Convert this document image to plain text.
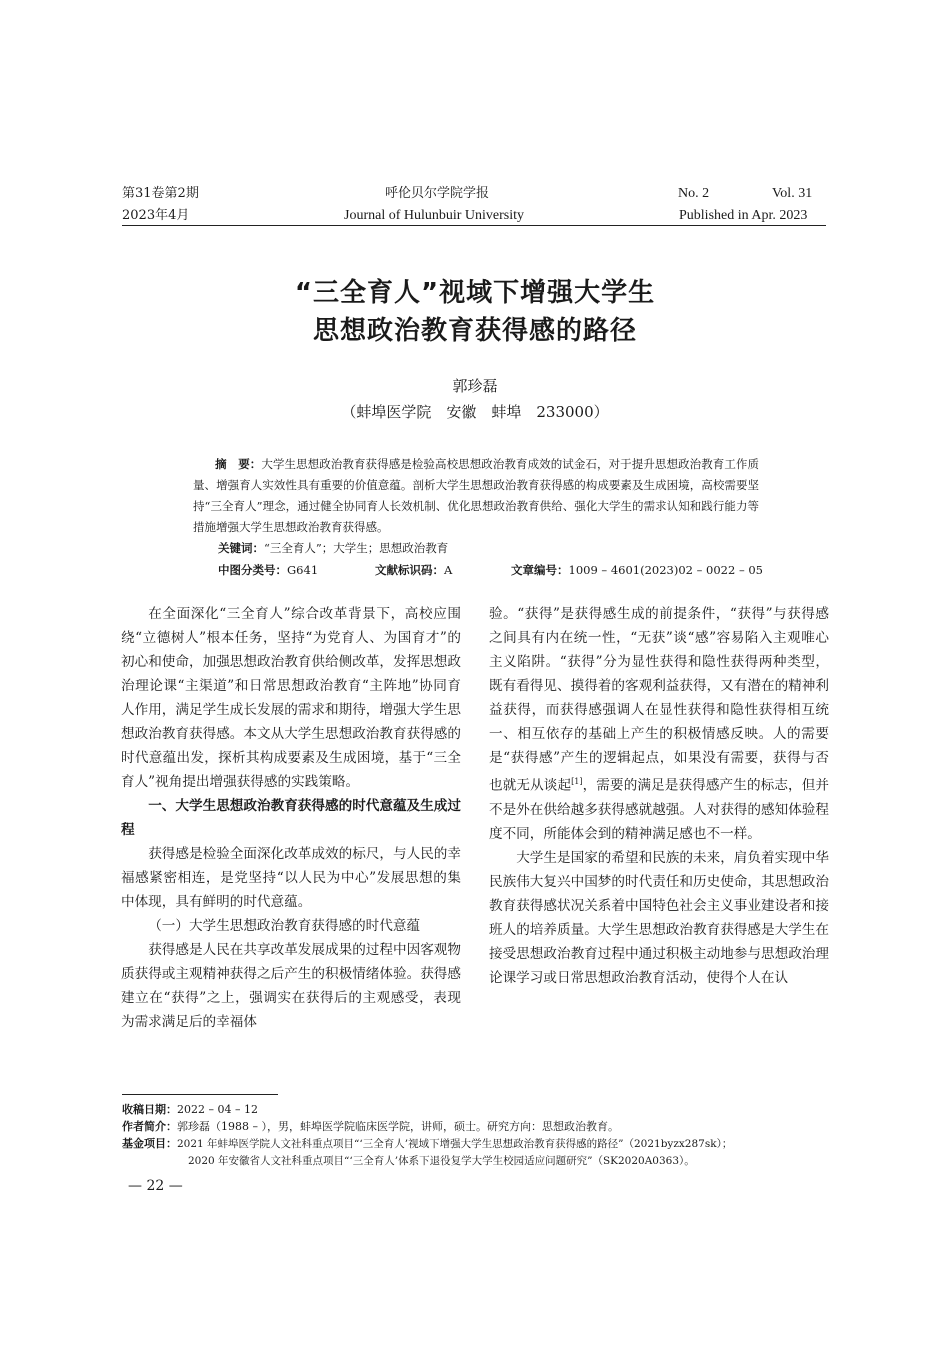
第31卷第2期
2023年4月
呼伦贝尔学院学报
Journal of Hulunbuir University
No. 2	Vol. 31
Published in Apr. 2023
“三全育人”视域下增强大学生
思想政治教育获得感的路径
郭珍磊
（蚌埠医学院　安徽　蚌埠　233000）
摘　要：大学生思想政治教育获得感是检验高校思想政治教育成效的试金石，对于提升思想政治教育工作质量、增强育人实效性具有重要的价值意蕴。剖析大学生思想政治教育获得感的构成要素及生成困境，高校需要坚持“三全育人”理念，通过健全协同育人长效机制、优化思想政治教育供给、强化大学生的需求认知和践行能力等措施增强大学生思想政治教育获得感。
关键词：“三全育人”；大学生；思想政治教育
中图分类号：G641	文献标识码：A	文章编号：1009 – 4601(2023)02 – 0022 – 05

在全面深化“三全育人”综合改革背景下，高校应围绕“立德树人”根本任务，坚持“为党育人、为国育才”的初心和使命，加强思想政治教育供给侧改革，发挥思想政治理论课“主渠道”和日常思想政治教育“主阵地”协同育人作用，满足学生成长发展的需求和期待，增强大学生思想政治教育获得感。本文从大学生思想政治教育获得感的时代意蕴出发，探析其构成要素及生成困境，基于“三全育人”视角提出增强获得感的实践策略。

一、大学生思想政治教育获得感的时代意蕴及生成过程

获得感是检验全面深化改革成效的标尺，与人民的幸福感紧密相连，是党坚持“以人民为中心”发展思想的集中体现，具有鲜明的时代意蕴。

（一）大学生思想政治教育获得感的时代意蕴

获得感是人民在共享改革发展成果的过程中因客观物质获得或主观精神获得之后产生的积极情绪体验。获得感建立在“获得”之上，强调实在获得后的主观感受，表现为需求满足后的幸福体

验。“获得”是获得感生成的前提条件，“获得”与获得感之间具有内在统一性，“无获”谈“感”容易陷入主观唯心主义陷阱。“获得”分为显性获得和隐性获得两种类型，既有看得见、摸得着的客观利益获得，又有潜在的精神利益获得，而获得感强调人在显性获得和隐性获得相互统一、相互依存的基础上产生的积极情感反映。人的需要是“获得感”产生的逻辑起点，如果没有需要，获得与否也就无从谈起[1]，需要的满足是获得感产生的标志，但并不是外在供给越多获得感就越强。人对获得的感知体验程度不同，所能体会到的精神满足感也不一样。

大学生是国家的希望和民族的未来，肩负着实现中华民族伟大复兴中国梦的时代责任和历史使命，其思想政治教育获得感状况关系着中国特色社会主义事业建设者和接班人的培养质量。大学生思想政治教育获得感是大学生在接受思想政治教育过程中通过积极主动地参与思想政治理论课学习或日常思想政治教育活动，使得个人在认

收稿日期：2022 – 04 – 12
作者简介：郭珍磊（1988 – ），男，蚌埠医学院临床医学院，讲师，硕士。研究方向：思想政治教育。
基金项目：2021 年蚌埠医学院人文社科重点项目“‘三全育人’视域下增强大学生思想政治教育获得感的路径”（2021byzx287sk）；
2020 年安徽省人文社科重点项目“‘三全育人’体系下退役复学大学生校园适应问题研究”（SK2020A0363）。
— 22 —
